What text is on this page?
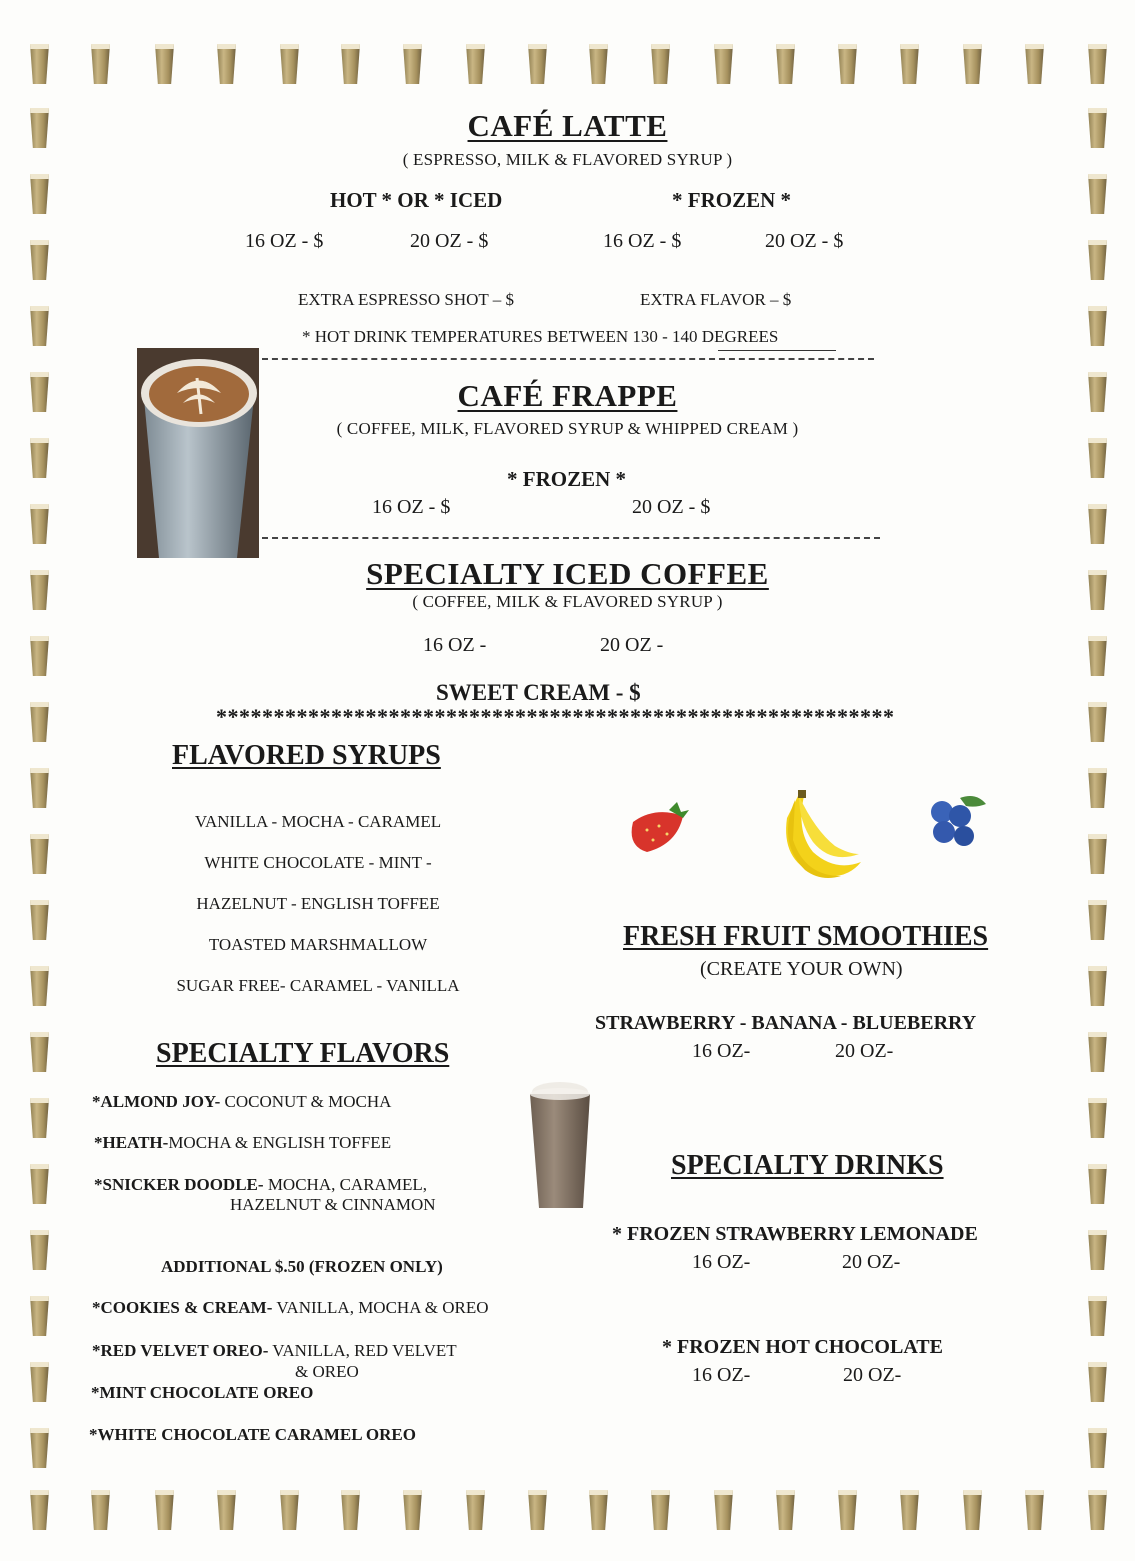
CAFÉ LATTE
( ESPRESSO, MILK & FLAVORED SYRUP )
HOT * OR * ICED	* FROZEN *
16 OZ - $	20 OZ - $	16 OZ - $	20 OZ - $
EXTRA ESPRESSO SHOT – $	EXTRA FLAVOR – $
* HOT DRINK TEMPERATURES BETWEEN 130 - 140 DEGREES
CAFÉ FRAPPE
( COFFEE, MILK, FLAVORED SYRUP & WHIPPED CREAM )
* FROZEN *
16 OZ - $	20 OZ - $
SPECIALTY ICED COFFEE
( COFFEE, MILK & FLAVORED SYRUP )
16 OZ -	20 OZ -
SWEET CREAM - $
***********************************************************
FLAVORED SYRUPS
VANILLA - MOCHA - CARAMEL
WHITE CHOCOLATE - MINT -
HAZELNUT - ENGLISH TOFFEE
TOASTED MARSHMALLOW
SUGAR FREE- CARAMEL - VANILLA
SPECIALTY FLAVORS
*ALMOND JOY- COCONUT & MOCHA
*HEATH-MOCHA & ENGLISH TOFFEE
*SNICKER DOODLE- MOCHA, CARAMEL,
HAZELNUT & CINNAMON
ADDITIONAL $.50 (FROZEN ONLY)
*COOKIES & CREAM- VANILLA, MOCHA & OREO
*RED VELVET OREO- VANILLA, RED VELVET
& OREO
*MINT CHOCOLATE OREO
*WHITE CHOCOLATE CARAMEL OREO
FRESH FRUIT SMOOTHIES
(CREATE YOUR OWN)
STRAWBERRY - BANANA - BLUEBERRY
16 OZ-	20 OZ-
SPECIALTY DRINKS
* FROZEN STRAWBERRY LEMONADE
16 OZ-	20 OZ-
* FROZEN HOT CHOCOLATE
16 OZ-	20 OZ-
